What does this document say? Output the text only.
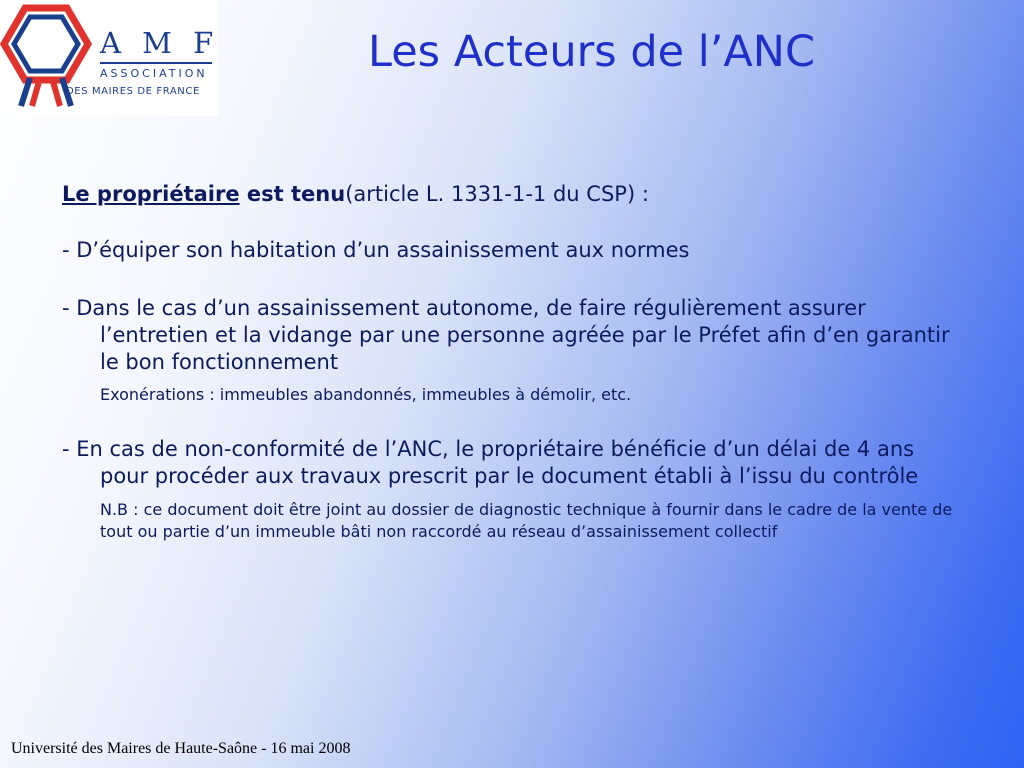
A M F
ASSOCIATION
DES MAIRES DE FRANCE
Les Acteurs de l’ANC

Le propriétaire est tenu(article L. 1331-1-1 du CSP) :

- D’équiper son habitation d’un assainissement aux normes

- Dans le cas d’un assainissement autonome, de faire régulièrement assurer l’entretien et la vidange par une personne agréée par le Préfet afin d’en garantir le bon fonctionnement

Exonérations : immeubles abandonnés, immeubles à démolir, etc.

- En cas de non-conformité de l’ANC, le propriétaire bénéficie d’un délai de 4 ans pour procéder aux travaux prescrit par le document établi à l’issu du contrôle

N.B : ce document doit être joint au dossier de diagnostic technique à fournir dans le cadre de la vente de tout ou partie d’un immeuble bâti non raccordé au réseau d’assainissement collectif

Université des Maires de Haute-Saône - 16 mai 2008
